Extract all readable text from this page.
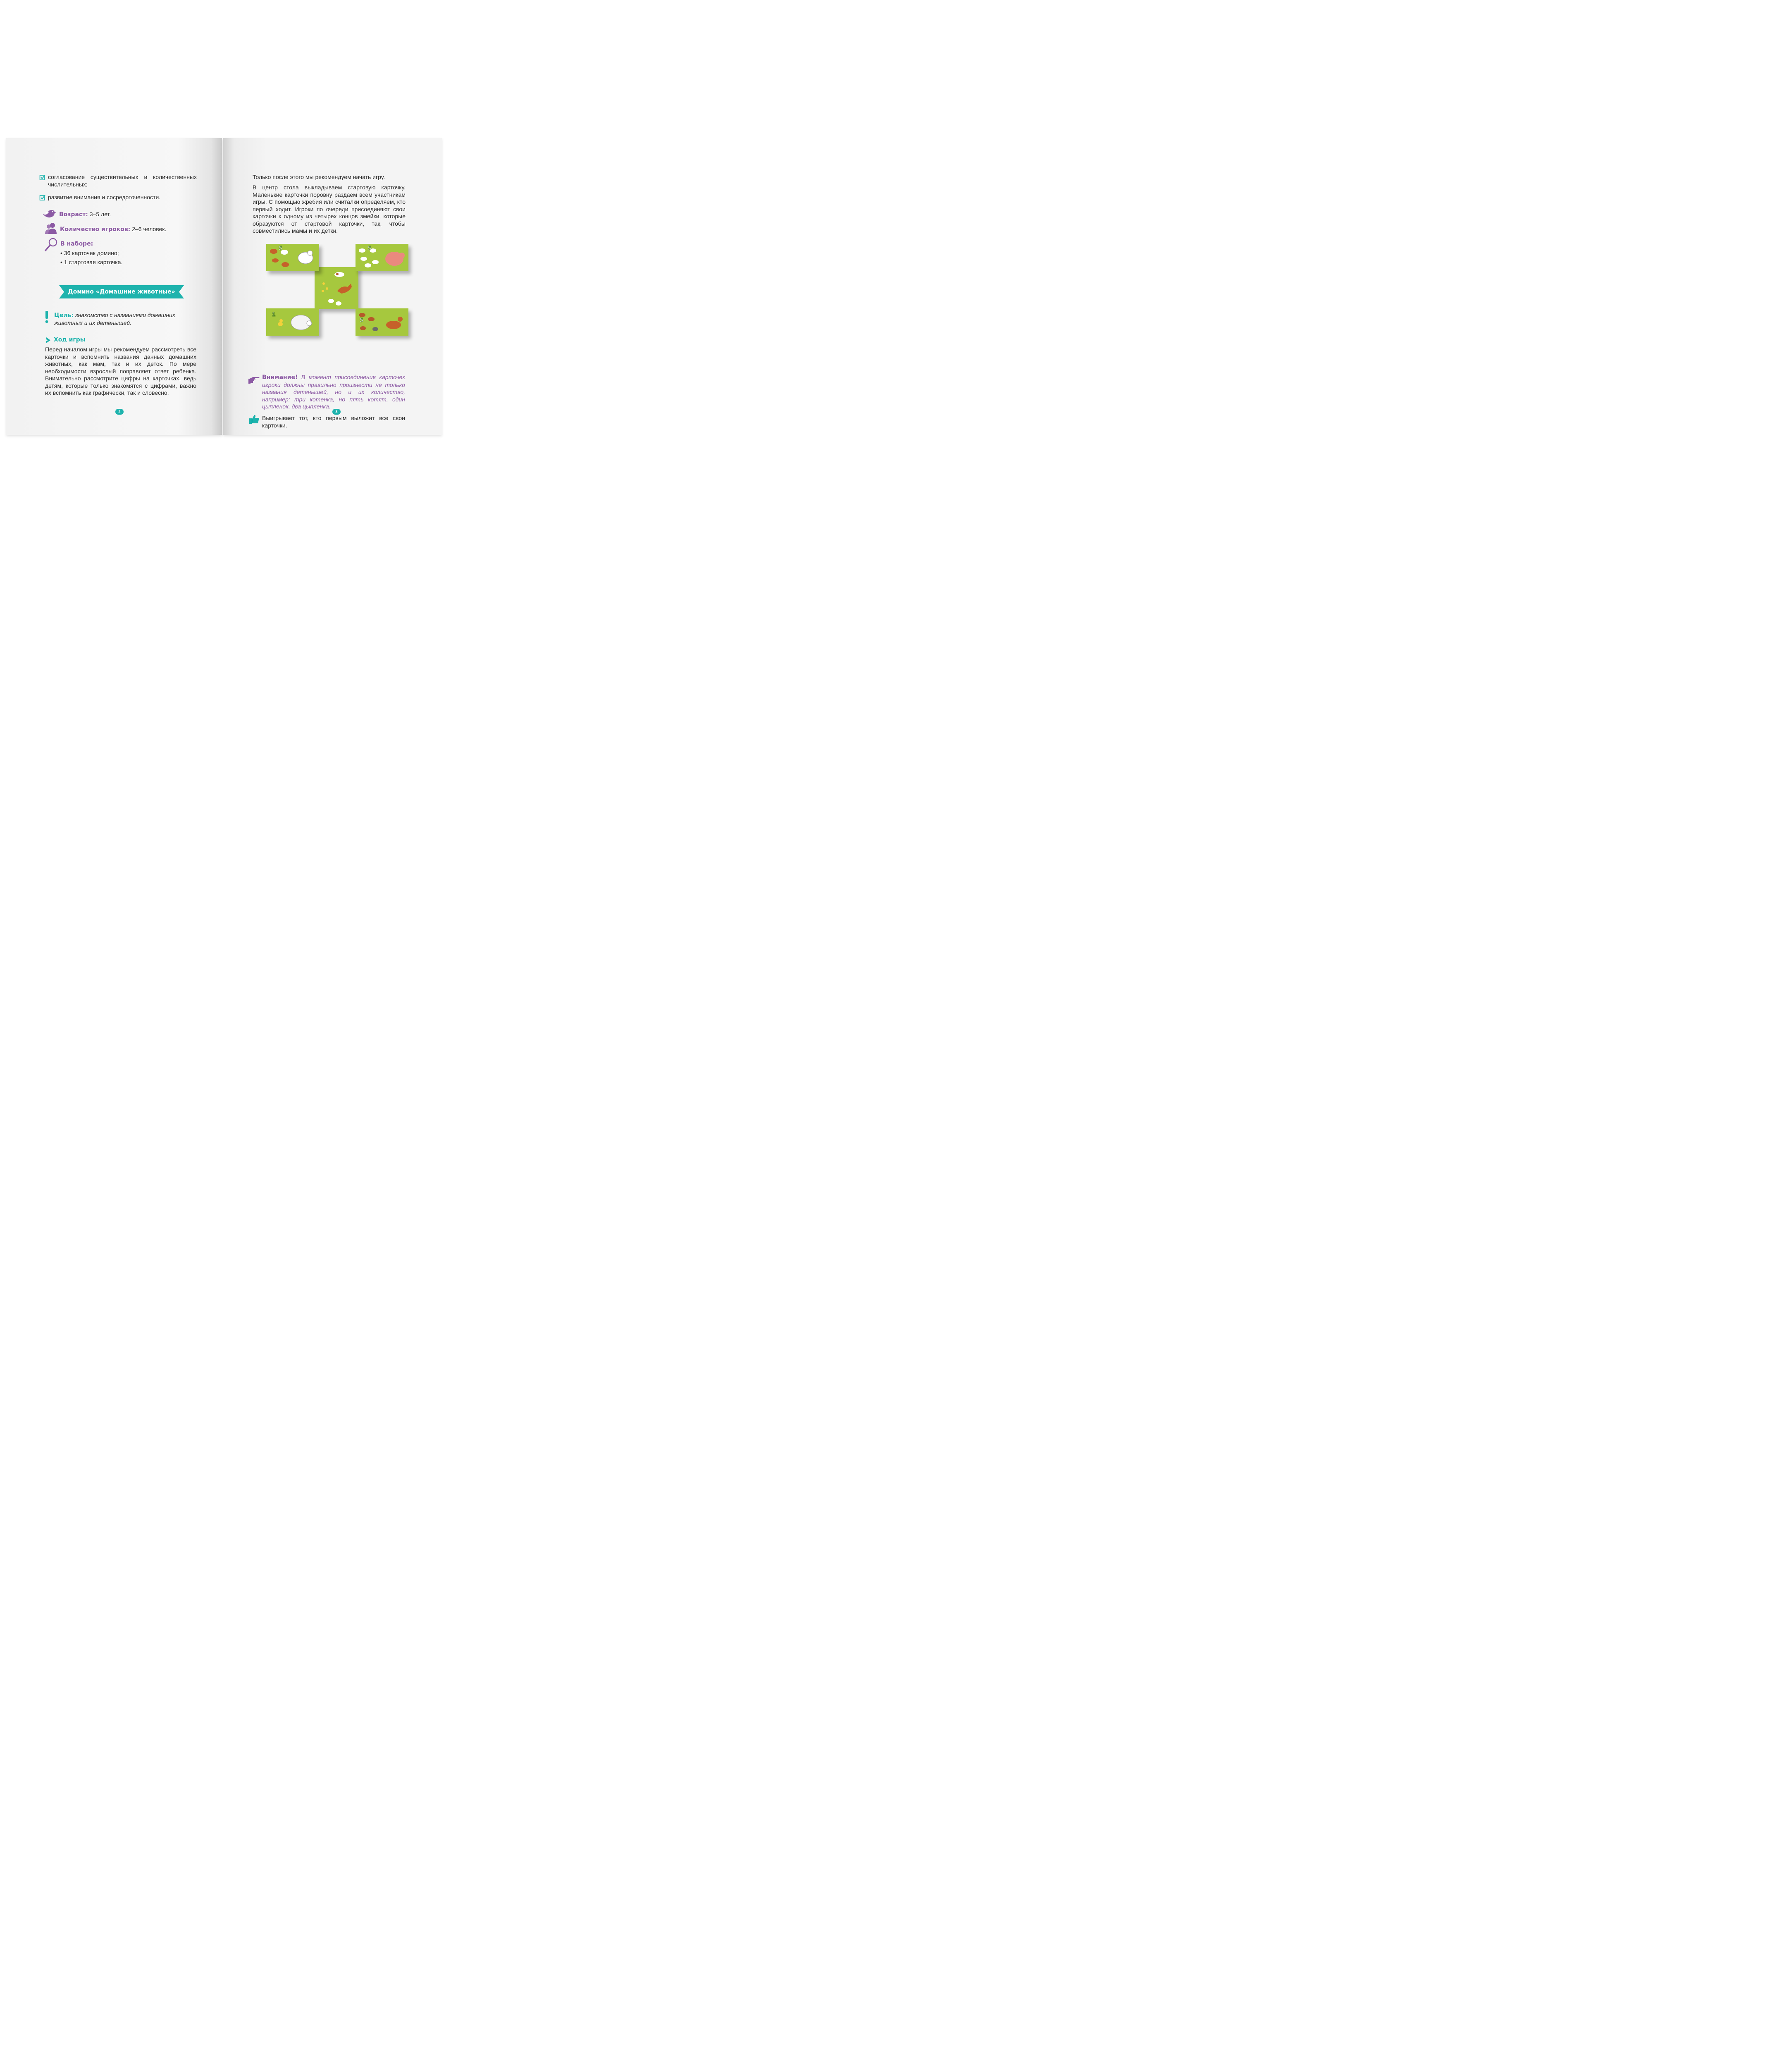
согласование существительных и количественных числительных;
развитие внимания и сосредоточенности.
Возраст: 3–5 лет.
Количество игроков: 2–6 человек.
В наборе:
• 36 карточек домино;
• 1 стартовая карточка.
Домино «Домашние животные»
Цель: знакомство с названиями домашних животных и их детенышей.
Ход игры
Перед началом игры мы рекомендуем рассмотреть все карточки и вспомнить названия данных домашних животных, как мам, так и их деток. По мере необходимости взрослый поправляет ответ ребенка. Внимательно рассмотрите цифры на карточках, ведь детям, которые только знакомятся с цифрами, важно их вспомнить как графически, так и словесно.
2
Только после этого мы рекомендуем начать игру.
В центр стола выкладываем стартовую карточку. Маленькие карточки поровну раздаем всем участникам игры. С помощью жребия или считалки определяем, кто первый ходит. Игроки по очереди присоединяют свои карточки к одному из четырех концов змейки, которые образуются от стартовой карточки, так, чтобы совместились мамы и их детки.
5	5
1
5
Внимание! В момент присоединения карточек игроки должны правильно произнести не только названия детенышей, но и их количество, например: три котенка, но пять котят, один цыпленок, два цыпленка.
Выигрывает тот, кто первым выложит все свои карточки.
3
